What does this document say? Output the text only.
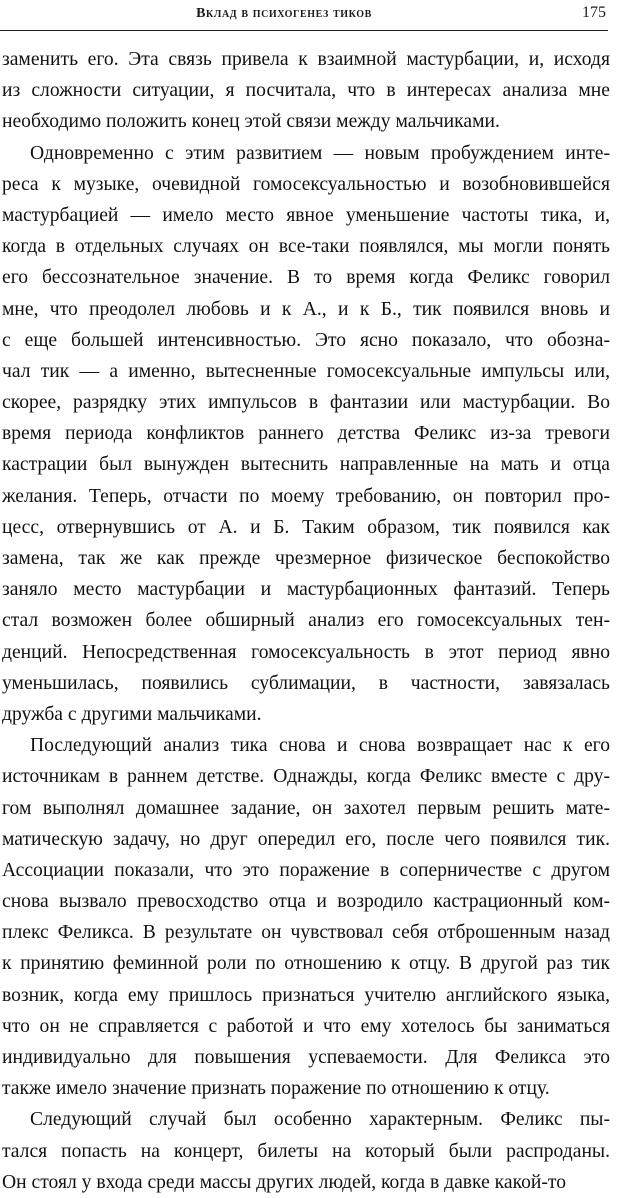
Вклад в психогенез тиков	175
заменить его. Эта связь привела к взаимной мастурбации, и, исходя
из сложности ситуации, я посчитала, что в интересах анализа мне
необходимо положить конец этой связи между мальчиками.
Одновременно с этим развитием — новым пробуждением инте-
реса к музыке, очевидной гомосексуальностью и возобновившейся
мастурбацией — имело место явное уменьшение частоты тика, и,
когда в отдельных случаях он все-таки появлялся, мы могли понять
его бессознательное значение. В то время когда Феликс говорил
мне, что преодолел любовь и к А., и к Б., тик появился вновь и
с еще большей интенсивностью. Это ясно показало, что обозна-
чал тик — а именно, вытесненные гомосексуальные импульсы или,
скорее, разрядку этих импульсов в фантазии или мастурбации. Во
время периода конфликтов раннего детства Феликс из-за тревоги
кастрации был вынужден вытеснить направленные на мать и отца
желания. Теперь, отчасти по моему требованию, он повторил про-
цесс, отвернувшись от А. и Б. Таким образом, тик появился как
замена, так же как прежде чрезмерное физическое беспокойство
заняло место мастурбации и мастурбационных фантазий. Теперь
стал возможен более обширный анализ его гомосексуальных тен-
денций. Непосредственная гомосексуальность в этот период явно
уменьшилась, появились сублимации, в частности, завязалась
дружба с другими мальчиками.
Последующий анализ тика снова и снова возвращает нас к его
источникам в раннем детстве. Однажды, когда Феликс вместе с дру-
гом выполнял домашнее задание, он захотел первым решить мате-
матическую задачу, но друг опередил его, после чего появился тик.
Ассоциации показали, что это поражение в соперничестве с другом
снова вызвало превосходство отца и возродило кастрационный ком-
плекс Феликса. В результате он чувствовал себя отброшенным назад
к принятию феминной роли по отношению к отцу. В другой раз тик
возник, когда ему пришлось признаться учителю английского языка,
что он не справляется с работой и что ему хотелось бы заниматься
индивидуально для повышения успеваемости. Для Феликса это
также имело значение признать поражение по отношению к отцу.
Следующий случай был особенно характерным. Феликс пы-
тался попасть на концерт, билеты на который были распроданы.
Он стоял у входа среди массы других людей, когда в давке какой-то
